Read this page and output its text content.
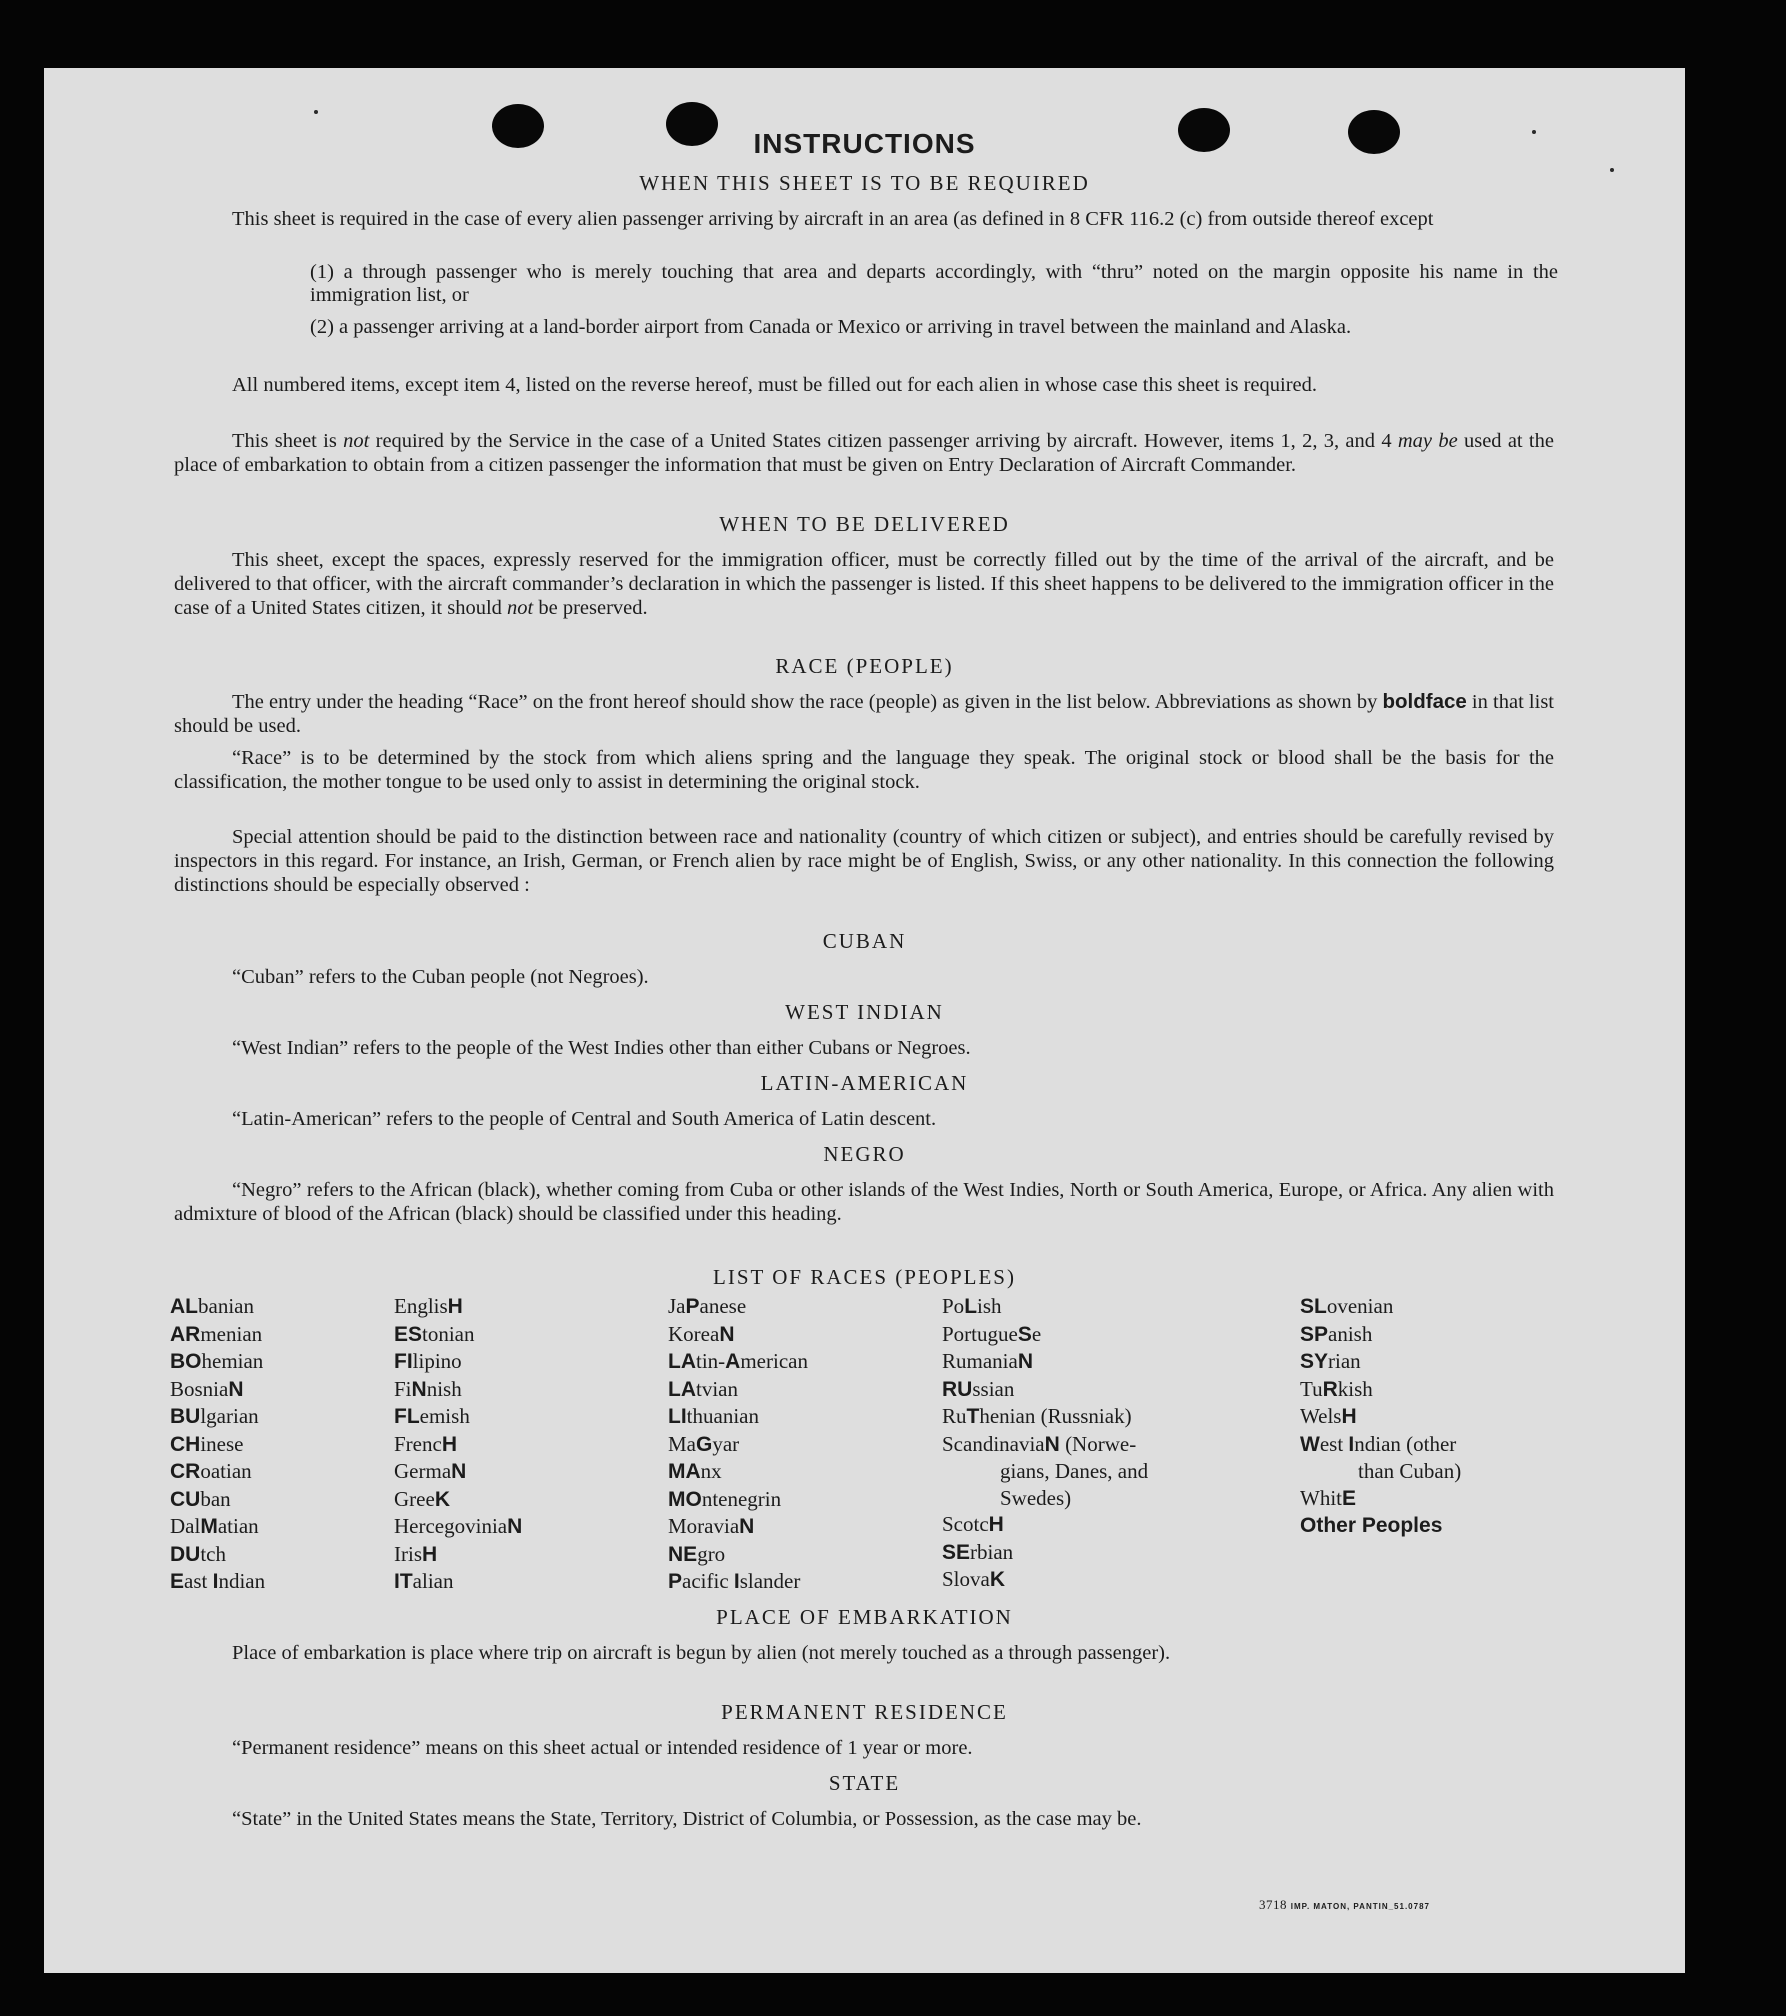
INSTRUCTIONS
WHEN THIS SHEET IS TO BE REQUIRED

This sheet is required in the case of every alien passenger arriving by aircraft in an area (as defined in 8 CFR 116.2 (c) from outside thereof except

(1) a through passenger who is merely touching that area and departs accordingly, with “thru” noted on the margin opposite his name in the immigration list, or
(2) a passenger arriving at a land-border airport from Canada or Mexico or arriving in travel between the mainland and Alaska.

All numbered items, except item 4, listed on the reverse hereof, must be filled out for each alien in whose case this sheet is required.

This sheet is not required by the Service in the case of a United States citizen passenger arriving by aircraft. However, items 1, 2, 3, and 4 may be used at the place of embarkation to obtain from a citizen passenger the information that must be given on Entry Declaration of Aircraft Commander.

WHEN TO BE DELIVERED

This sheet, except the spaces, expressly reserved for the immigration officer, must be correctly filled out by the time of the arrival of the aircraft, and be delivered to that officer, with the aircraft commander’s declaration in which the passenger is listed. If this sheet happens to be delivered to the immigration officer in the case of a United States citizen, it should not be preserved.

RACE (PEOPLE)

The entry under the heading “Race” on the front hereof should show the race (people) as given in the list below. Abbreviations as shown by boldface in that list should be used.

“Race” is to be determined by the stock from which aliens spring and the language they speak. The original stock or blood shall be the basis for the classification, the mother tongue to be used only to assist in determining the original stock.

Special attention should be paid to the distinction between race and nationality (country of which citizen or subject), and entries should be carefully revised by inspectors in this regard. For instance, an Irish, German, or French alien by race might be of English, Swiss, or any other nationality. In this connection the following distinctions should be especially observed :

CUBAN

“Cuban” refers to the Cuban people (not Negroes).

WEST INDIAN

“West Indian” refers to the people of the West Indies other than either Cubans or Negroes.

LATIN-AMERICAN

“Latin-American” refers to the people of Central and South America of Latin descent.

NEGRO

“Negro” refers to the African (black), whether coming from Cuba or other islands of the West Indies, North or South America, Europe, or Africa. Any alien with admixture of blood of the African (black) should be classified under this heading.

LIST OF RACES (PEOPLES)
ALbanian
ARmenian
BOhemian
BosniaN
BUlgarian
CHinese
CRoatian
CUban
DalMatian
DUtch
East Indian
EnglisH
EStonian
FIlipino
FiNnish
FLemish
FrencH
GermaN
GreeK
HercegoviniaN
IrisH
ITalian
JaPanese
KoreaN
LAtin-American
LAtvian
LIthuanian
MaGyar
MAnx
MOntenegrin
MoraviaN
NEgro
Pacific Islander
PoLish
PortugueSe
RumaniaN
RUssian
RuThenian (Russniak)
ScandinaviaN (Norwe-
gians, Danes, and
Swedes)
ScotcH
SErbian
SlovaK
SLovenian
SPanish
SYrian
TuRkish
WelsH
West Indian (other
than Cuban)
WhitE
Other Peoples
PLACE OF EMBARKATION

Place of embarkation is place where trip on aircraft is begun by alien (not merely touched as a through passenger).

PERMANENT RESIDENCE

“Permanent residence” means on this sheet actual or intended residence of 1 year or more.

STATE

“State” in the United States means the State, Territory, District of Columbia, or Possession, as the case may be.

3718 IMP. MATON, PANTIN_51.0787
